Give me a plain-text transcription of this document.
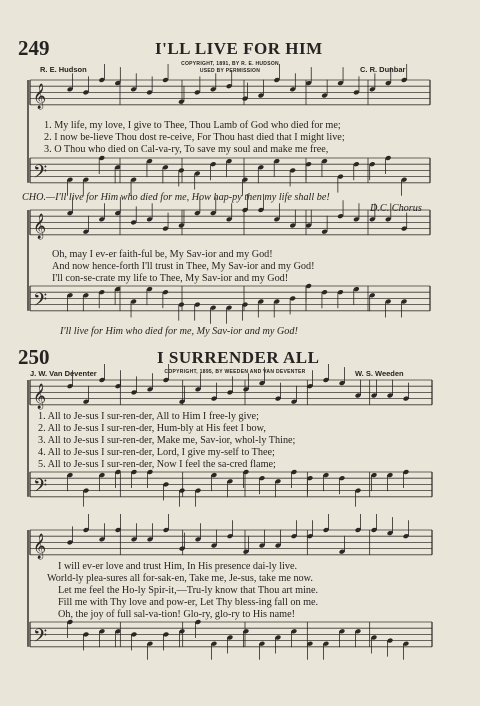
𝄞
𝄢
𝄞
𝄢
𝄞
𝄢
𝄞
𝄢
249	I'LL LIVE FOR HIM
COPYRIGHT, 1891, BY R. E. HUDSON
USED BY PERMISSION
R. E. Hudson	C. R. Dunbar
1. My life, my love, I give to Thee, Thou Lamb of God who died for me;
2. I now be-lieve Thou dost re-ceive, For Thou hast died that I might live;
3. O Thou who died on Cal-va-ry, To save my soul and make me free,
CHO.—I'll live for Him who died for me, How hap-py then my life shall be!
D.C. Chorus
Oh, may I ev-er faith-ful be, My Sav-ior and my God!
And now hence-forth I'll trust in Thee, My Sav-ior and my God!
I'll con-se-crate my life to Thee, My Sav-ior and my God!
I'll live for Him who died for me, My Sav-ior and my God!
250	I SURRENDER ALL
COPYRIGHT, 1895, BY WEEDEN AND VAN DEVENTER
J. W. Van Deventer	W. S. Weeden
1. All to Je-sus I sur-ren-der, All to Him I free-ly give;
2. All to Je-sus I sur-ren-der, Hum-bly at His feet I bow,
3. All to Je-sus I sur-ren-der, Make me, Sav-ior, whol-ly Thine;
4. All to Je-sus I sur-ren-der, Lord, I give my-self to Thee;
5. All to Je-sus I sur-ren-der, Now I feel the sa-cred flame;
I will ev-er love and trust Him, In His presence dai-ly live.
World-ly plea-sures all for-sak-en, Take me, Je-sus, take me now.
Let me feel the Ho-ly Spir-it,—Tru-ly know that Thou art mine.
Fill me with Thy love and pow-er, Let Thy bless-ing fall on me.
Oh, the joy of full sal-va-tion! Glo-ry, glo-ry to His name!
